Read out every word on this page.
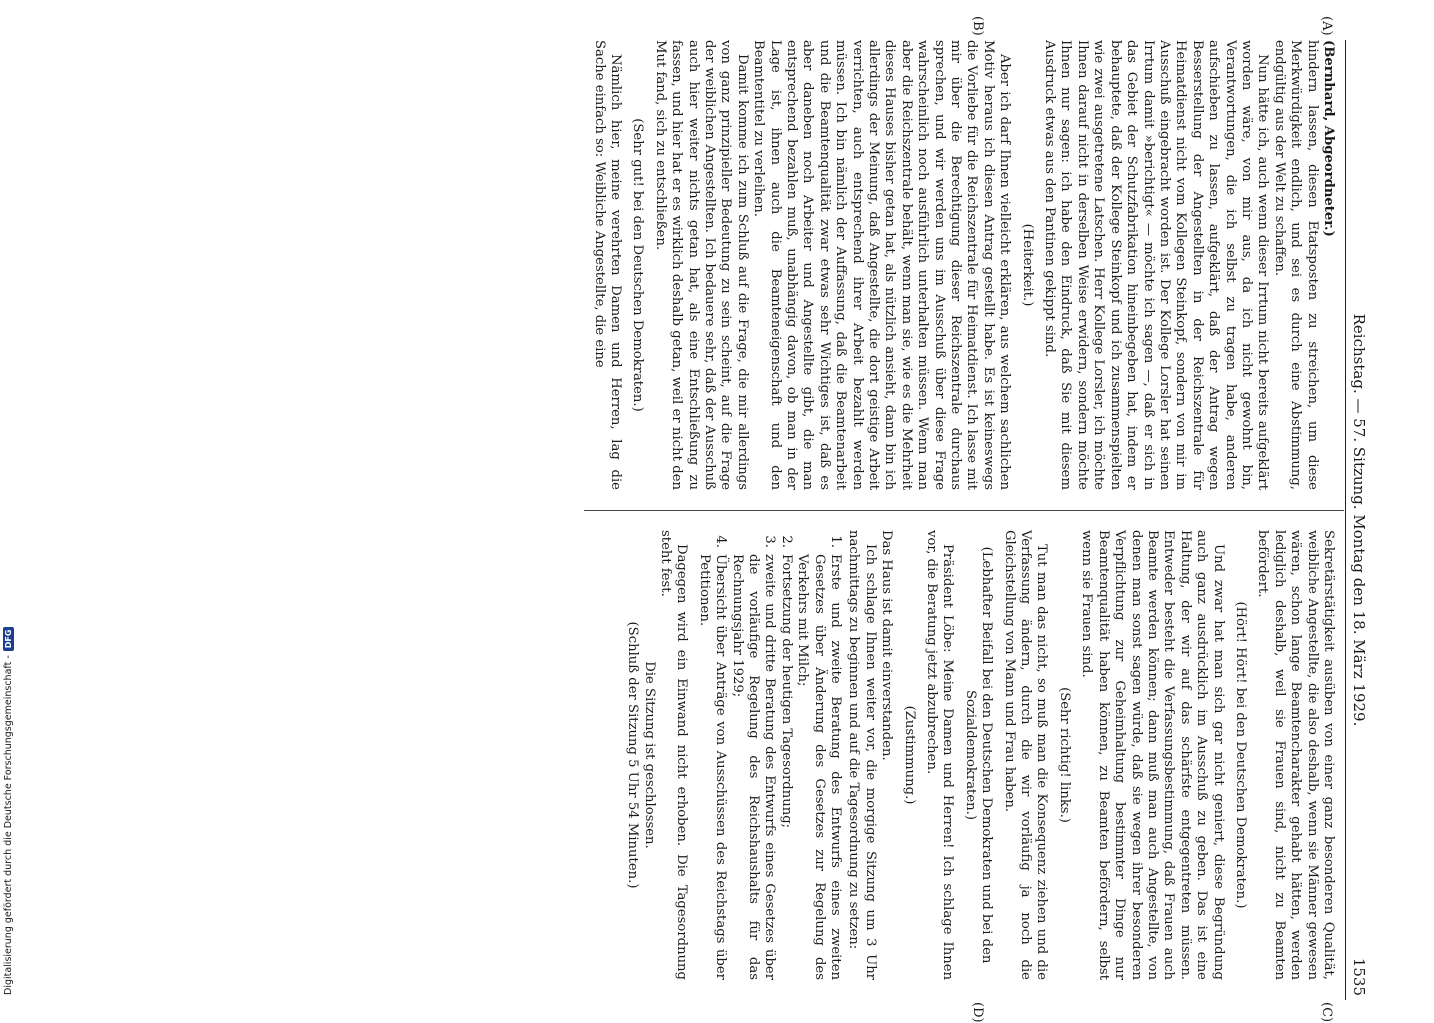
Reichstag. — 57. Sitzung. Montag den 18. März 1929.
1535
(A)
(B)
(C)
(D)

(Bernhard, Abgeordneter.)

hindern lassen, diesen Etatsposten zu streichen, um diese Merkwürdigkeit endlich, und sei es durch eine Abstimmung, endgültig aus der Welt zu schaffen.

Nun hätte ich, auch wenn dieser Irrtum nicht bereits aufgeklärt worden wäre, von mir aus, da ich nicht gewohnt bin, Verantwortungen, die ich selbst zu tragen habe, anderen aufschieben zu lassen, aufgeklärt, daß der Antrag wegen Besserstellung der Angestellten in der Reichszentrale für Heimatdienst nicht vom Kollegen Steinkopf, sondern von mir im Ausschuß eingebracht worden ist. Der Kollege Lorsler hat seinen Irrtum damit »berichtigt« — möchte ich sagen —, daß er sich in das Gebiet der Schutzfabrikation hineinbegeben hat, indem er behauptete, daß der Kollege Steinkopf und ich zusammenspielten wie zwei ausgetretene Latschen. Herr Kollege Lorsler, ich möchte Ihnen darauf nicht in derselben Weise erwidern, sondern möchte Ihnen nur sagen: ich habe den Eindruck, daß Sie mit diesem Ausdruck etwas aus den Pantinen gekippt sind.

(Heiterkeit.)

Aber ich darf Ihnen vielleicht erklären, aus welchem sachlichen Motiv heraus ich diesen Antrag gestellt habe. Es ist keineswegs die Vorliebe für die Reichszentrale für Heimatdienst. Ich lasse mit mir über die Berechtigung dieser Reichszentrale durchaus sprechen, und wir werden uns im Ausschuß über diese Frage wahrscheinlich noch ausführlich unterhalten müssen. Wenn man aber die Reichszentrale behält, wenn man sie, wie es die Mehrheit dieses Hauses bisher getan hat, als nützlich ansieht, dann bin ich allerdings der Meinung, daß Angestellte, die dort geistige Arbeit verrichten, auch entsprechend ihrer Arbeit bezahlt werden müssen. Ich bin nämlich der Auffassung, daß die Beamtenarbeit und die Beamtenqualität zwar etwas sehr Wichtiges ist, daß es aber daneben noch Arbeiter und Angestellte gibt, die man entsprechend bezahlen muß, unabhängig davon, ob man in der Lage ist, ihnen auch die Beamteneigenschaft und den Beamtentitel zu verleihen.

Damit komme ich zum Schluß auf die Frage, die mir allerdings von ganz prinzipieller Bedeutung zu sein scheint, auf die Frage der weiblichen Angestellten. Ich bedauere sehr, daß der Ausschuß auch hier weiter nichts getan hat, als eine Entschließung zu fassen, und hier hat er es wirklich deshalb getan, weil er nicht den Mut fand, sich zu entschließen.

(Sehr gut! bei den Deutschen Demokraten.)

Nämlich hier, meine verehrten Damen und Herren, lag die Sache einfach so: Weibliche Angestellte, die eine

Sekretärstätigkeit ausüben von einer ganz besonderen Qualität, weibliche Angestellte, die also deshalb, wenn sie Männer gewesen wären, schon lange Beamtencharakter gehabt hätten, werden lediglich deshalb, weil sie Frauen sind, nicht zu Beamten befördert.

(Hört! Hört! bei den Deutschen Demokraten.)

Und zwar hat man sich gar nicht geniert, diese Begründung auch ganz ausdrücklich im Ausschuß zu geben. Das ist eine Haltung, der wir auf das schärfste entgegentreten müssen. Entweder besteht die Verfassungsbestimmung, daß Frauen auch Beamte werden können; dann muß man auch Angestellte, von denen man sonst sagen würde, daß sie wegen ihrer besonderen Verpflichtung zur Geheimhaltung bestimmter Dinge nur Beamtenqualität haben können, zu Beamten befördern, selbst wenn sie Frauen sind.

(Sehr richtig! links.)

Tut man das nicht, so muß man die Konsequenz ziehen und die Verfassung ändern, durch die wir vorläufig ja noch die Gleichstellung von Mann und Frau haben.

(Lebhafter Beifall bei den Deutschen Demokraten und bei den Sozialdemokraten.)

Präsident Löbe: Meine Damen und Herren! Ich schlage Ihnen vor, die Beratung jetzt abzubrechen.

(Zustimmung.)

Das Haus ist damit einverstanden.

Ich schlage Ihnen weiter vor, die morgige Sitzung um 3 Uhr nachmittags zu beginnen und auf die Tagesordnung zu setzen:

1.
Erste und zweite Beratung des Entwurfs eines zweiten Gesetzes über Änderung des Gesetzes zur Regelung des Verkehrs mit Milch;
2.
Fortsetzung der heutigen Tagesordnung;
3.
zweite und dritte Beratung des Entwurfs eines Gesetzes über die vorläufige Regelung des Reichshaushalts für das Rechnungsjahr 1929;
4.
Übersicht über Anträge von Ausschüssen des Reichstags über Petitionen.

Dagegen wird ein Einwand nicht erhoben. Die Tagesordnung steht fest.

Die Sitzung ist geschlossen.

(Schluß der Sitzung 5 Uhr 54 Minuten.)

Digitalisierung gefördert durch die Deutsche Forschungsgemeinschaft -
DFG
